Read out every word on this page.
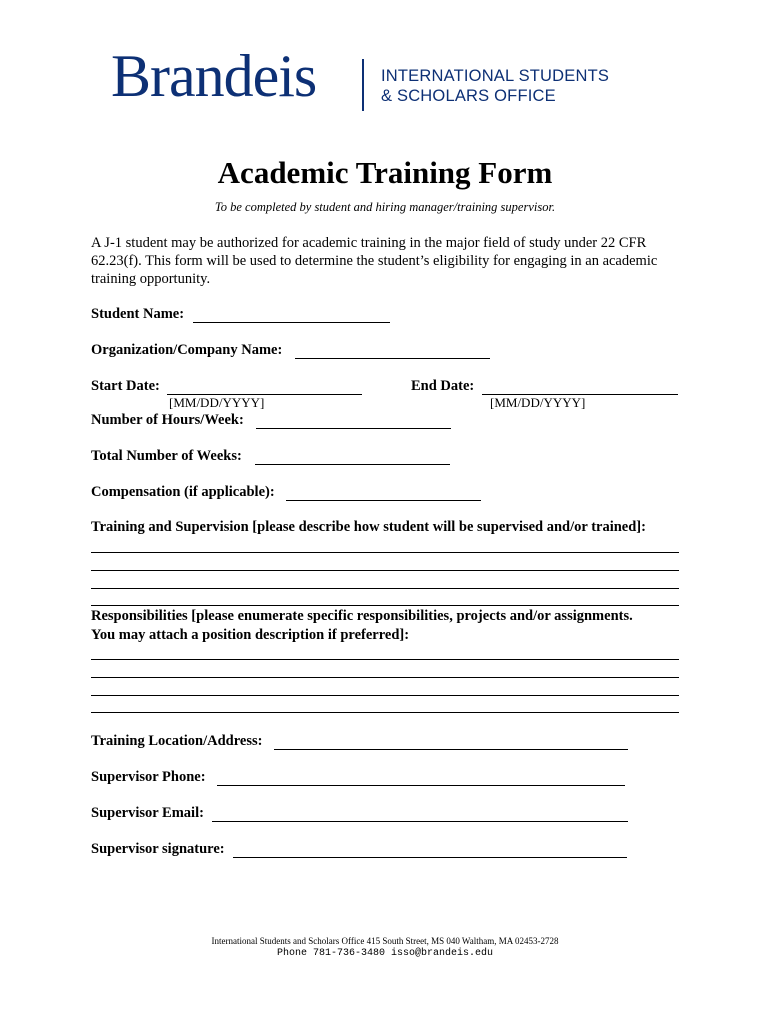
Brandeis	INTERNATIONAL STUDENTS
& SCHOLARS OFFICE
Academic Training Form
To be completed by student and hiring manager/training supervisor.
A J-1 student may be authorized for academic training in the major field of study under 22 CFR 62.23(f). This form will be used to determine the student’s eligibility for engaging in an academic training opportunity.
Student Name:
Organization/Company Name:
Start Date:
[MM/DD/YYYY]
End Date:
[MM/DD/YYYY]
Number of Hours/Week:
Total Number of Weeks:
Compensation (if applicable):
Training and Supervision [please describe how student will be supervised and/or trained]:
Responsibilities [please enumerate specific responsibilities, projects and/or assignments.
You may attach a position description if preferred]:
Training Location/Address:
Supervisor Phone:
Supervisor Email:
Supervisor signature:
International Students and Scholars Office 415 South Street, MS 040 Waltham, MA 02453-2728
Phone 781-736-3480 isso@brandeis.edu
